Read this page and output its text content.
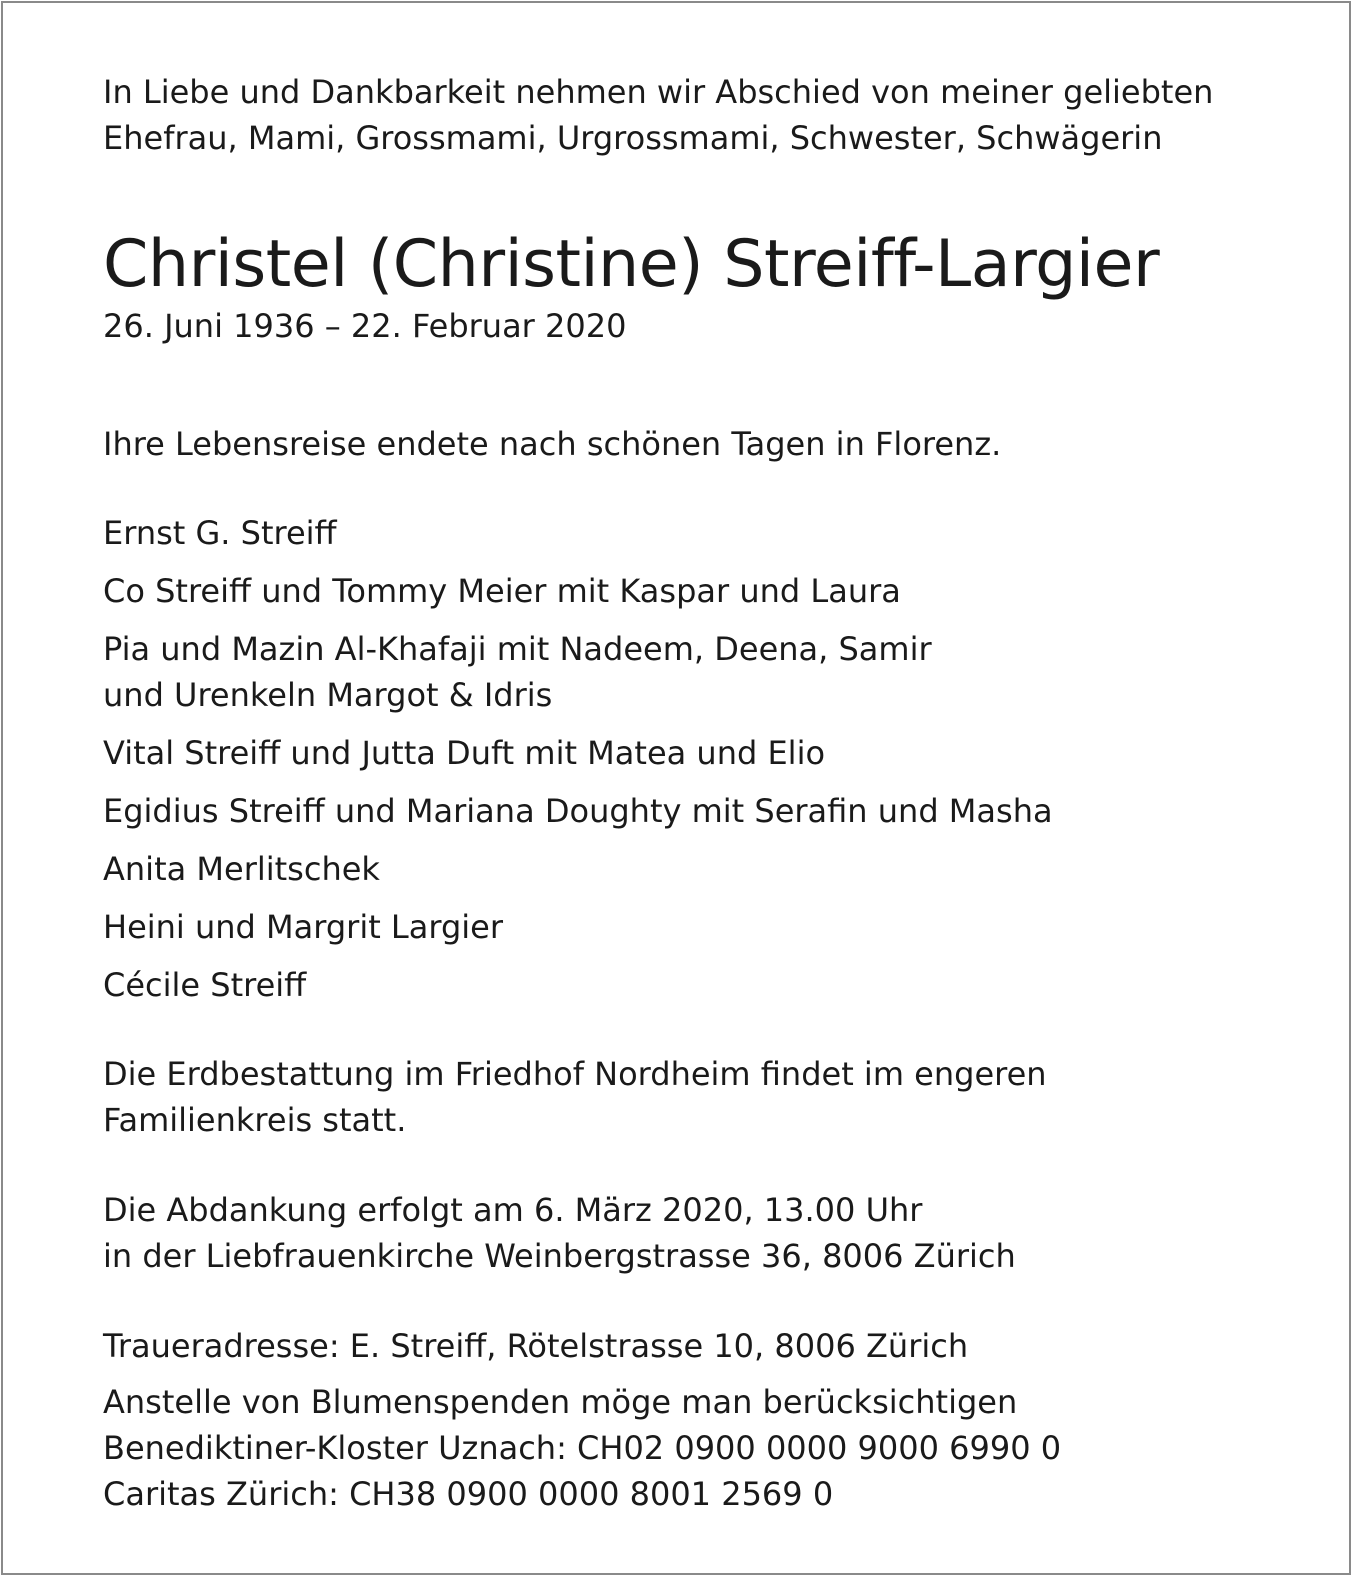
In Liebe und Dankbarkeit nehmen wir Abschied von meiner geliebten

Ehefrau, Mami, Grossmami, Urgrossmami, Schwester, Schwägerin

Christel (Christine) Streiff-Largier

26. Juni 1936 – 22. Februar 2020

Ihre Lebensreise endete nach schönen Tagen in Florenz.

Ernst G. Streiff

Co Streiff und Tommy Meier mit Kaspar und Laura

Pia und Mazin Al-Khafaji mit Nadeem, Deena, Samir

und Urenkeln Margot & Idris

Vital Streiff und Jutta Duft mit Matea und Elio

Egidius Streiff und Mariana Doughty mit Serafin und Masha

Anita Merlitschek

Heini und Margrit Largier

Cécile Streiff

Die Erdbestattung im Friedhof Nordheim findet im engeren

Familienkreis statt.

Die Abdankung erfolgt am 6. März 2020, 13.00 Uhr

in der Liebfrauenkirche Weinbergstrasse 36, 8006 Zürich

Traueradresse: E. Streiff, Rötelstrasse 10, 8006 Zürich

Anstelle von Blumenspenden möge man berücksichtigen

Benediktiner-Kloster Uznach: CH02 0900 0000 9000 6990 0

Caritas Zürich: CH38 0900 0000 8001 2569 0
